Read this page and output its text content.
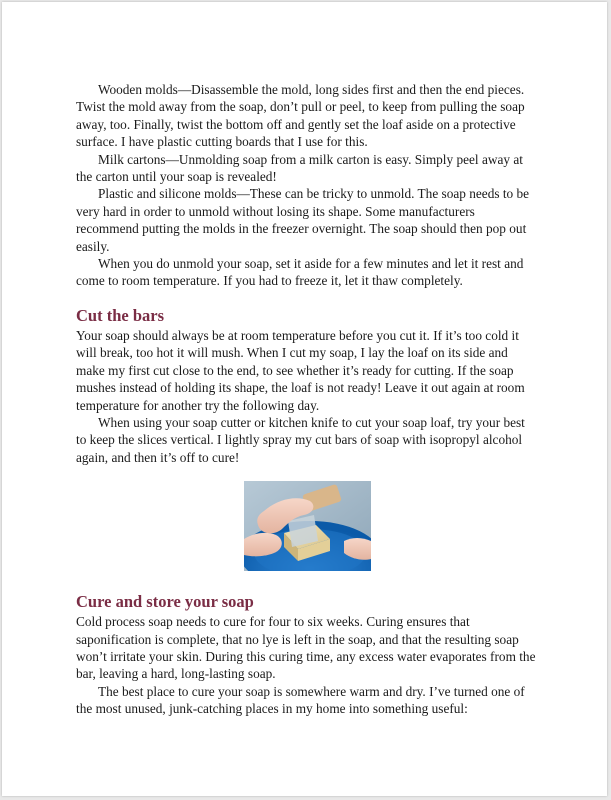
Wooden molds—Disassemble the mold, long sides first and then the end pieces. Twist the mold away from the soap, don’t pull or peel, to keep from pulling the soap away, too. Finally, twist the bottom off and gently set the loaf aside on a protective surface. I have plastic cutting boards that I use for this.

Milk cartons—Unmolding soap from a milk carton is easy. Simply peel away at the carton until your soap is revealed!

Plastic and silicone molds—These can be tricky to unmold. The soap needs to be very hard in order to unmold without losing its shape. Some manufacturers recommend putting the molds in the freezer overnight. The soap should then pop out easily.

When you do unmold your soap, set it aside for a few minutes and let it rest and come to room temperature. If you had to freeze it, let it thaw completely.

Cut the bars

Your soap should always be at room temperature before you cut it. If it’s too cold it will break, too hot it will mush. When I cut my soap, I lay the loaf on its side and make my first cut close to the end, to see whether it’s ready for cutting. If the soap mushes instead of holding its shape, the loaf is not ready! Leave it out again at room temperature for another try the following day.

When using your soap cutter or kitchen knife to cut your soap loaf, try your best to keep the slices vertical. I lightly spray my cut bars of soap with isopropyl alcohol again, and then it’s off to cure!

Cure and store your soap

Cold process soap needs to cure for four to six weeks. Curing ensures that saponification is complete, that no lye is left in the soap, and that the resulting soap won’t irritate your skin. During this curing time, any excess water evaporates from the bar, leaving a hard, long-lasting soap.

The best place to cure your soap is somewhere warm and dry. I’ve turned one of the most unused, junk-catching places in my home into something useful:
